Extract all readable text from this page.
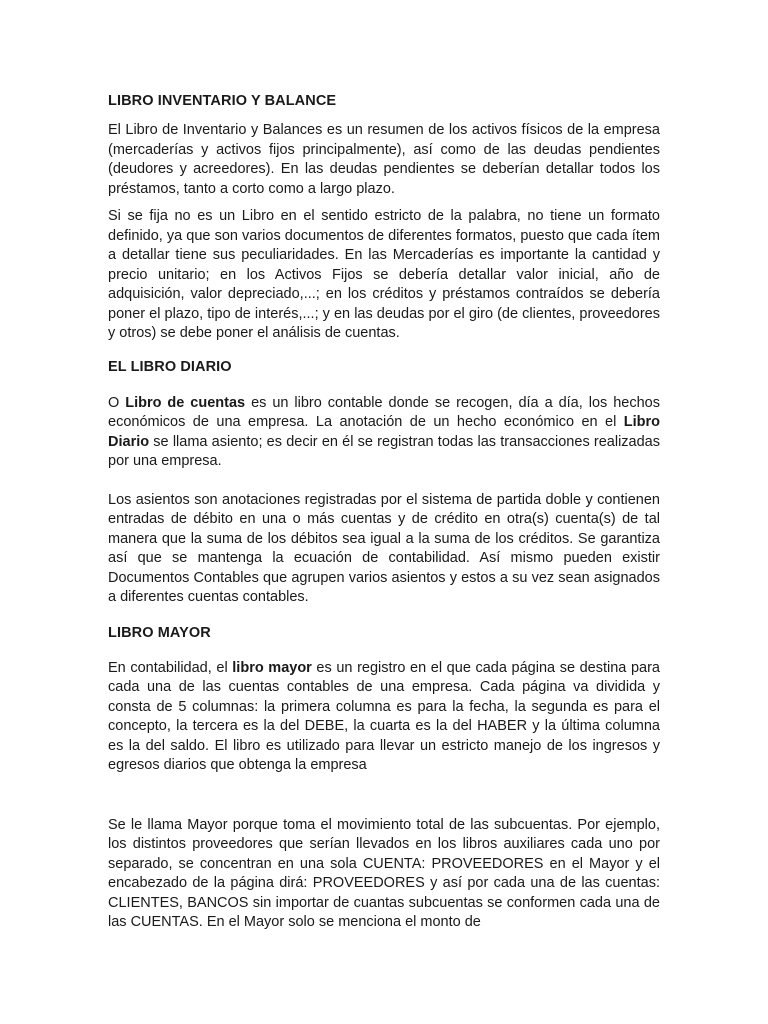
LIBRO INVENTARIO Y BALANCE

El Libro de Inventario y Balances es un resumen de los activos físicos de la empresa (mercaderías y activos fijos principalmente), así como de las deudas pendientes (deudores y acreedores). En las deudas pendientes se deberían detallar todos los préstamos, tanto a corto como a largo plazo.

Si se fija no es un Libro en el sentido estricto de la palabra, no tiene un formato definido, ya que son varios documentos de diferentes formatos, puesto que cada ítem a detallar tiene sus peculiaridades. En las Mercaderías es importante la cantidad y precio unitario; en los Activos Fijos se debería detallar valor inicial, año de adquisición, valor depreciado,...; en los créditos y préstamos contraídos se debería poner el plazo, tipo de interés,...; y en las deudas por el giro (de clientes, proveedores y otros) se debe poner el análisis de cuentas.

EL LIBRO DIARIO

O Libro de cuentas es un libro contable donde se recogen, día a día, los hechos económicos de una empresa. La anotación de un hecho económico en el Libro Diario se llama asiento; es decir en él se registran todas las transacciones realizadas por una empresa.

Los asientos son anotaciones registradas por el sistema de partida doble y contienen entradas de débito en una o más cuentas y de crédito en otra(s) cuenta(s) de tal manera que la suma de los débitos sea igual a la suma de los créditos. Se garantiza así que se mantenga la ecuación de contabilidad. Así mismo pueden existir Documentos Contables que agrupen varios asientos y estos a su vez sean asignados a diferentes cuentas contables.

LIBRO MAYOR

En contabilidad, el libro mayor es un registro en el que cada página se destina para cada una de las cuentas contables de una empresa. Cada página va dividida y consta de 5 columnas: la primera columna es para la fecha, la segunda es para el concepto, la tercera es la del DEBE, la cuarta es la del HABER y la última columna es la del saldo. El libro es utilizado para llevar un estricto manejo de los ingresos y egresos diarios que obtenga la empresa

Se le llama Mayor porque toma el movimiento total de las subcuentas. Por ejemplo, los distintos proveedores que serían llevados en los libros auxiliares cada uno por separado, se concentran en una sola CUENTA: PROVEEDORES en el Mayor y el encabezado de la página dirá: PROVEEDORES y así por cada una de las cuentas: CLIENTES, BANCOS sin importar de cuantas subcuentas se conformen cada una de las CUENTAS. En el Mayor solo se menciona el monto de
